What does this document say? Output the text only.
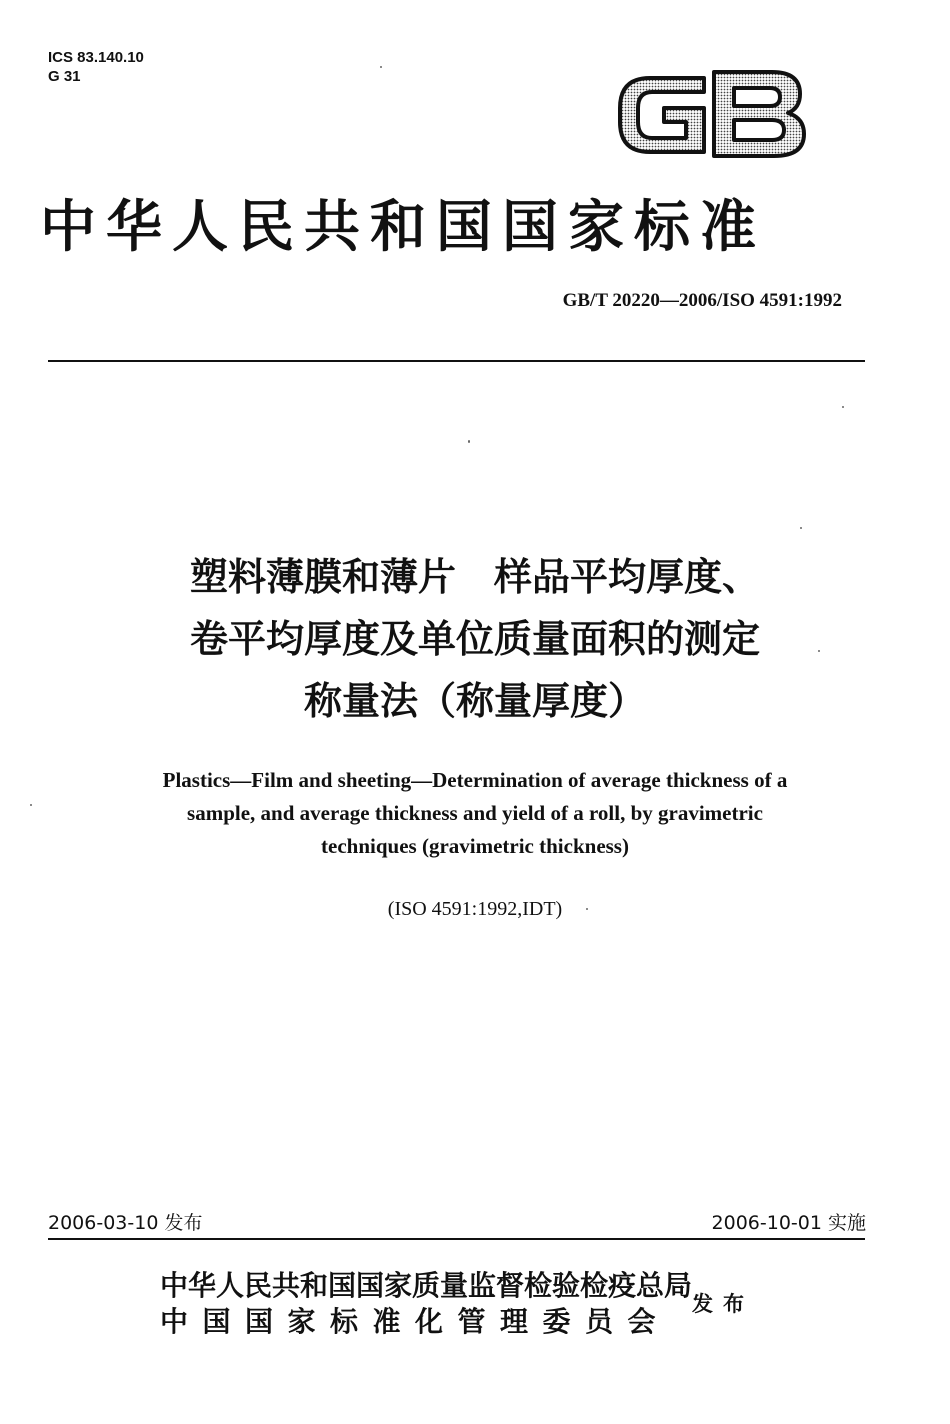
ICS 83.140.10
G 31
中华人民共和国国家标准
GB/T 20220—2006/ISO 4591:1992
塑料薄膜和薄片　样品平均厚度、
卷平均厚度及单位质量面积的测定
称量法（称量厚度）
Plastics—Film and sheeting—Determination of average thickness of a
sample, and average thickness and yield of a roll, by gravimetric
techniques (gravimetric thickness)
(ISO 4591:1992,IDT)
2006-03-10 发布	2006-10-01 实施
中华人民共和国国家质量监督检验检疫总局
中国国家标准化管理委员会
发布
